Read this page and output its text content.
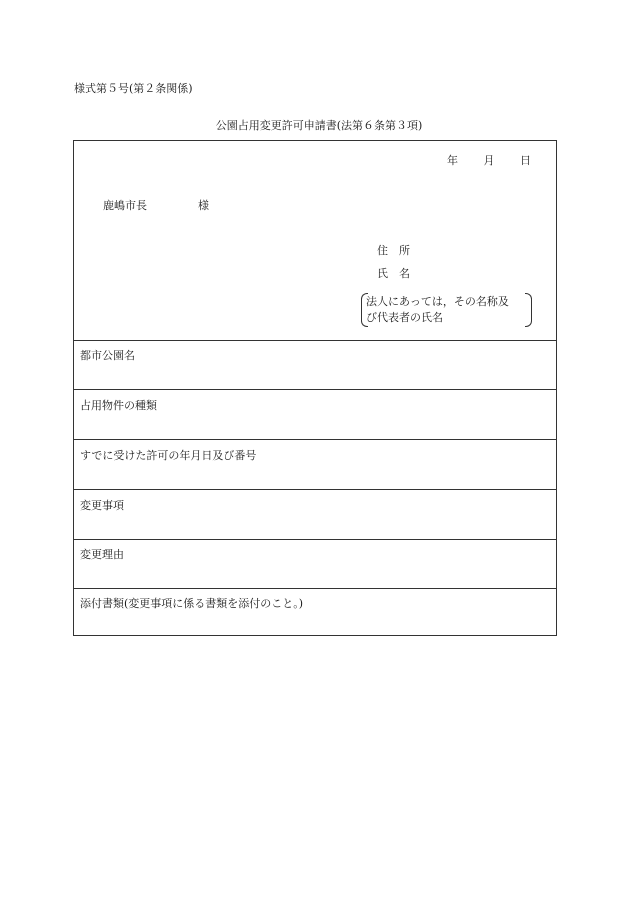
様式第５号(第２条関係)
公園占用変更許可申請書(法第６条第３項)
年 月 日
鹿嶋市長	様
住　所
氏　名
法人にあっては，その名称及
び代表者の氏名
都市公園名
占用物件の種類
すでに受けた許可の年月日及び番号
変更事項
変更理由
添付書類(変更事項に係る書類を添付のこと。)
